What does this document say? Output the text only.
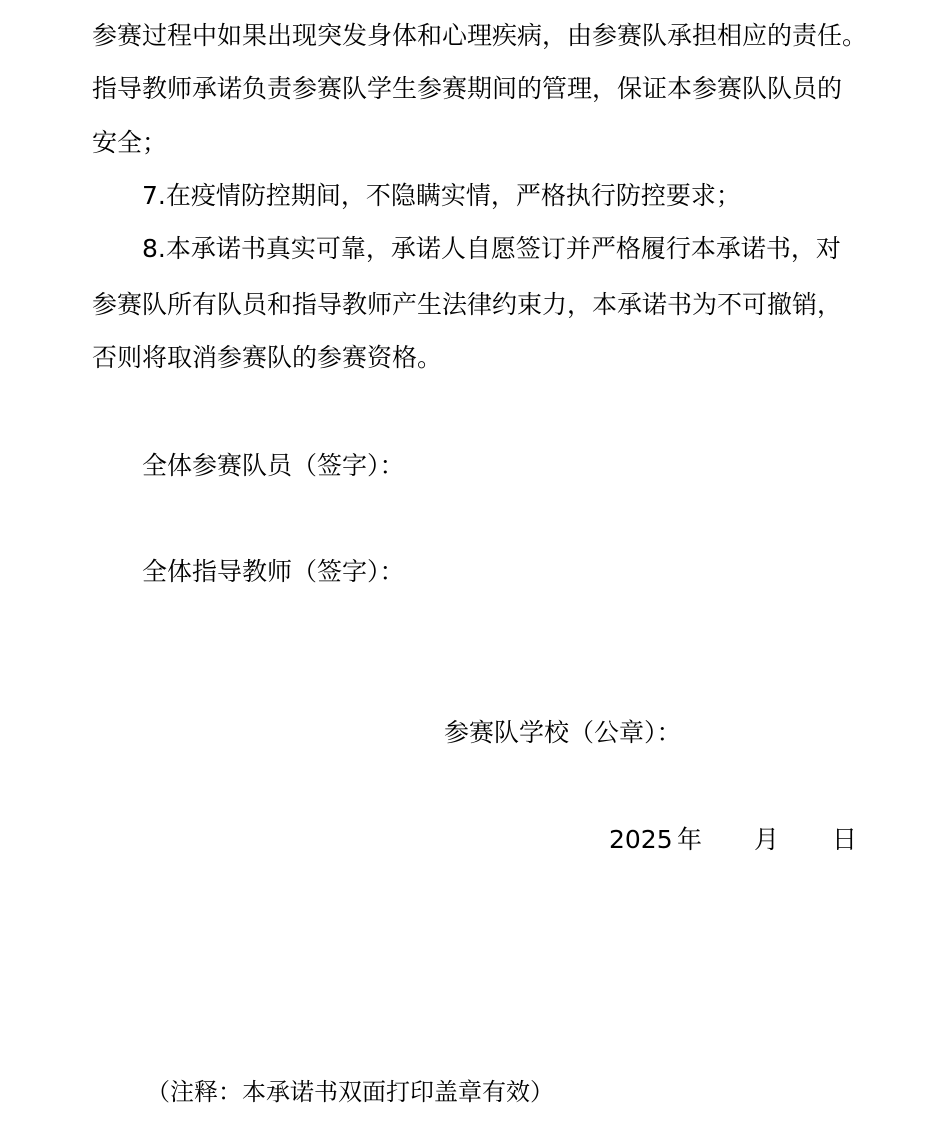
参赛过程中如果出现突发身体和心理疾病，由参赛队承担相应的责任。
指导教师承诺负责参赛队学生参赛期间的管理，保证本参赛队队员的
安全；
7.在疫情防控期间，不隐瞒实情，严格执行防控要求；
8.本承诺书真实可靠，承诺人自愿签订并严格履行本承诺书，对
参赛队所有队员和指导教师产生法律约束力，本承诺书为不可撤销，
否则将取消参赛队的参赛资格。
全体参赛队员（签字）：
全体指导教师（签字）：
参赛队学校（公章）：
2025 年 月 日
（注释：本承诺书双面打印盖章有效）
